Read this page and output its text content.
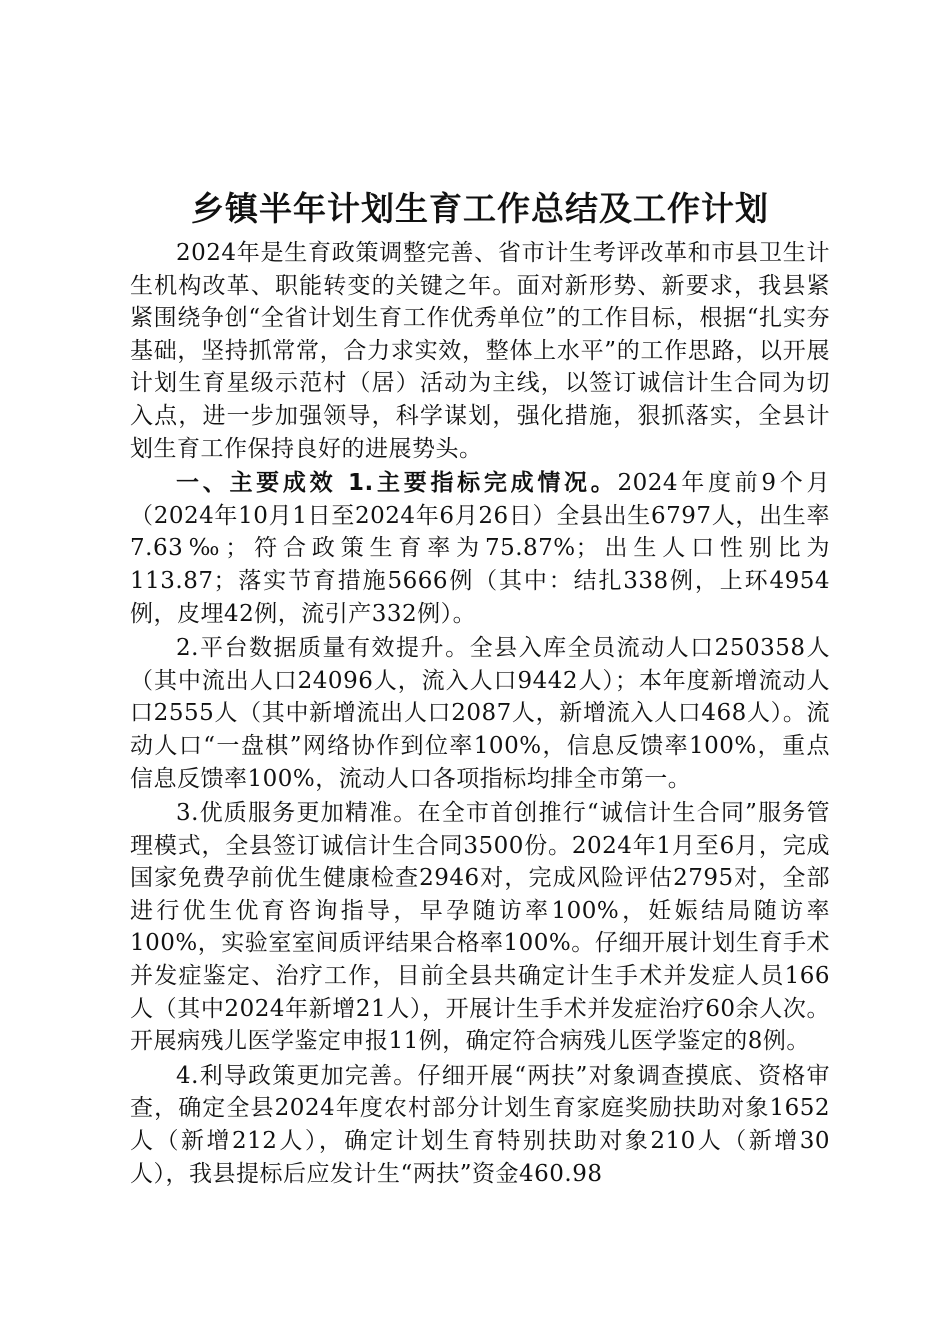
乡镇半年计划生育工作总结及工作计划

2024年是生育政策调整完善、省市计生考评改革和市县卫生计生机构改革、职能转变的关键之年。面对新形势、新要求，我县紧紧围绕争创“全省计划生育工作优秀单位”的工作目标，根据“扎实夯基础，坚持抓常常，合力求实效，整体上水平”的工作思路，以开展计划生育星级示范村（居）活动为主线，以签订诚信计生合同为切入点，进一步加强领导，科学谋划，强化措施，狠抓落实，全县计划生育工作保持良好的进展势头。

一、主要成效 1.主要指标完成情况。2024年度前9个月（2024年10月1日至2024年6月26日）全县出生6797人，出生率7.63‰；符合政策生育率为75.87%；出生人口性别比为113.87；落实节育措施5666例（其中：结扎338例，上环4954例，皮埋42例，流引产332例）。

2.平台数据质量有效提升。全县入库全员流动人口250358人（其中流出人口24096人，流入人口9442人）；本年度新增流动人口2555人（其中新增流出人口2087人，新增流入人口468人）。流动人口“一盘棋”网络协作到位率100%，信息反馈率100%，重点信息反馈率100%，流动人口各项指标均排全市第一。

3.优质服务更加精准。在全市首创推行“诚信计生合同”服务管理模式，全县签订诚信计生合同3500份。2024年1月至6月，完成国家免费孕前优生健康检查2946对，完成风险评估2795对，全部进行优生优育咨询指导，早孕随访率100%，妊娠结局随访率100%，实验室室间质评结果合格率100%。仔细开展计划生育手术并发症鉴定、治疗工作，目前全县共确定计生手术并发症人员166人（其中2024年新增21人），开展计生手术并发症治疗60余人次。开展病残儿医学鉴定申报11例，确定符合病残儿医学鉴定的8例。

4.利导政策更加完善。仔细开展“两扶”对象调查摸底、资格审查，确定全县2024年度农村部分计划生育家庭奖励扶助对象1652人（新增212人），确定计划生育特别扶助对象210人（新增30人），我县提标后应发计生“两扶”资金460.98
